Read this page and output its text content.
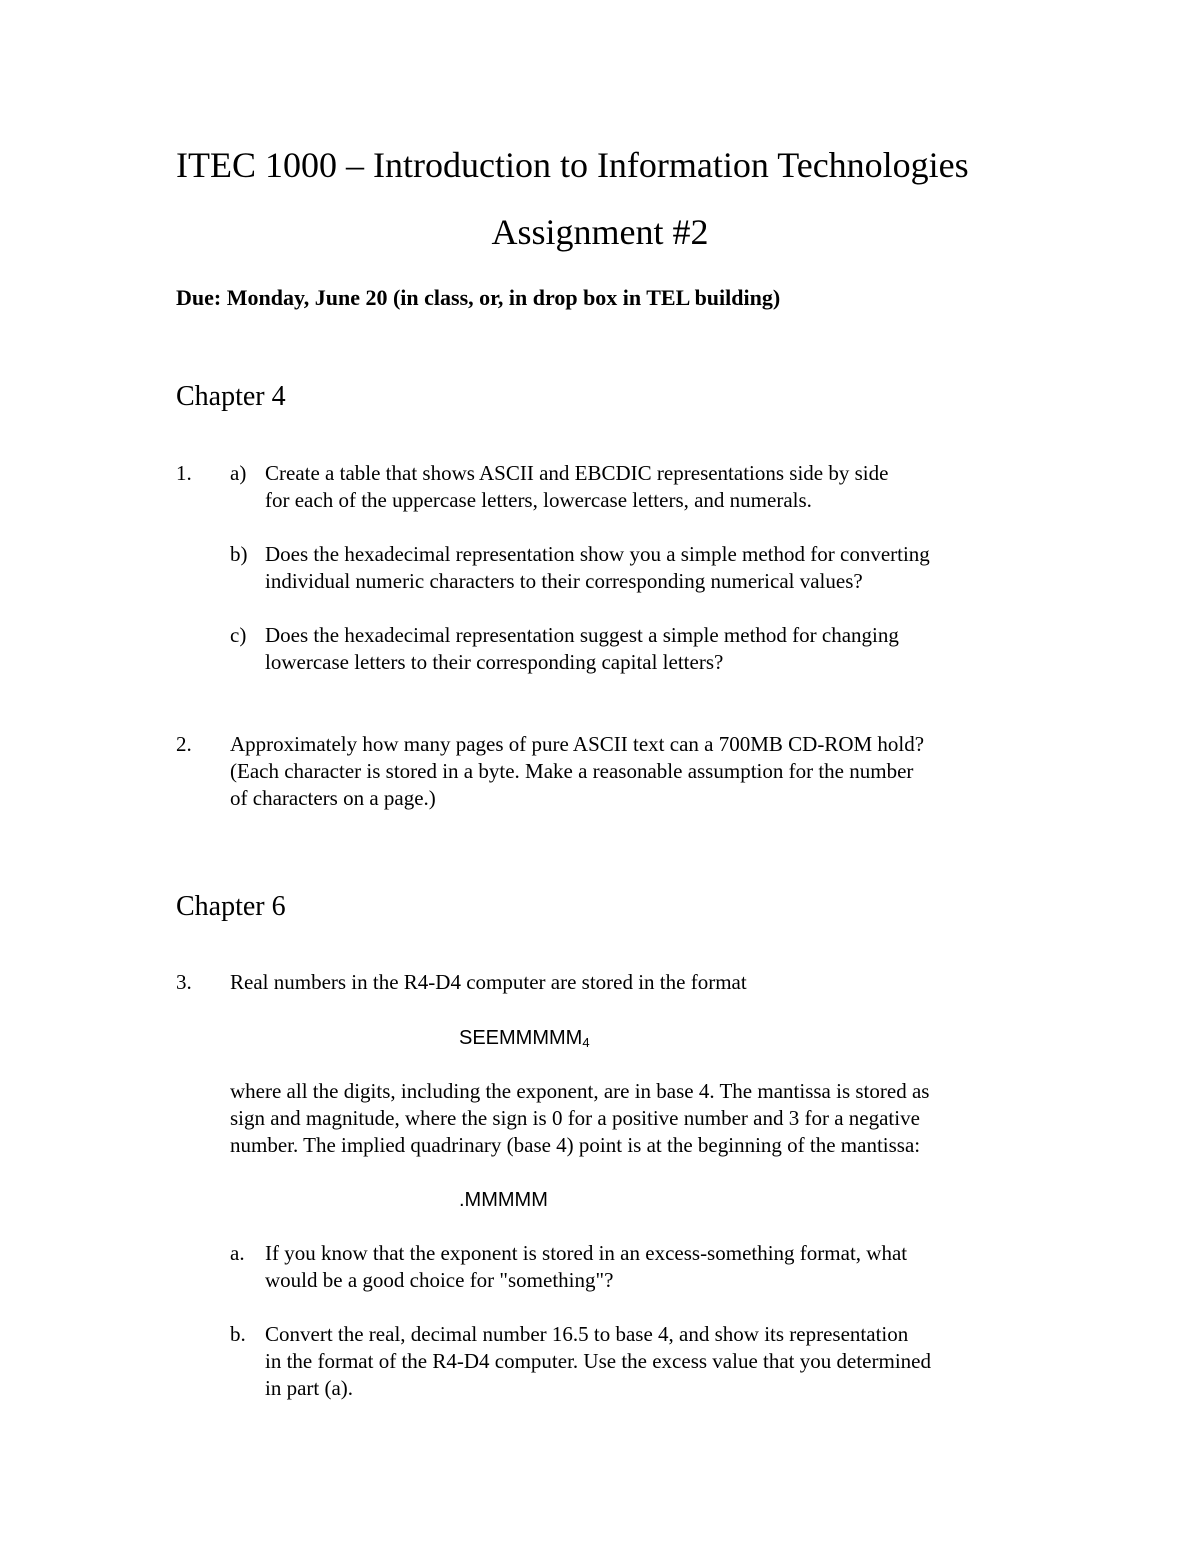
ITEC 1000 – Introduction to Information Technologies
Assignment #2
Due: Monday, June 20 (in class, or, in drop box in TEL building)
Chapter 4
1. a) Create a table that shows ASCII and EBCDIC representations side by side
for each of the uppercase letters, lowercase letters, and numerals.
b) Does the hexadecimal representation show you a simple method for converting
individual numeric characters to their corresponding numerical values?
c) Does the hexadecimal representation suggest a simple method for changing
lowercase letters to their corresponding capital letters?
2. Approximately how many pages of pure ASCII text can a 700MB CD-ROM hold?
(Each character is stored in a byte. Make a reasonable assumption for the number
of characters on a page.)
Chapter 6
3. Real numbers in the R4-D4 computer are stored in the format
$SEEMMMMM_4$
where all the digits, including the exponent, are in base 4. The mantissa is stored as
sign and magnitude, where the sign is 0 for a positive number and 3 for a negative
number. The implied quadrinary (base 4) point is at the beginning of the mantissa:
.MMMMM
a. If you know that the exponent is stored in an excess-something format, what
would be a good choice for "something"?
b. Convert the real, decimal number 16.5 to base 4, and show its representation
in the format of the R4-D4 computer. Use the excess value that you determined
in part (a).
